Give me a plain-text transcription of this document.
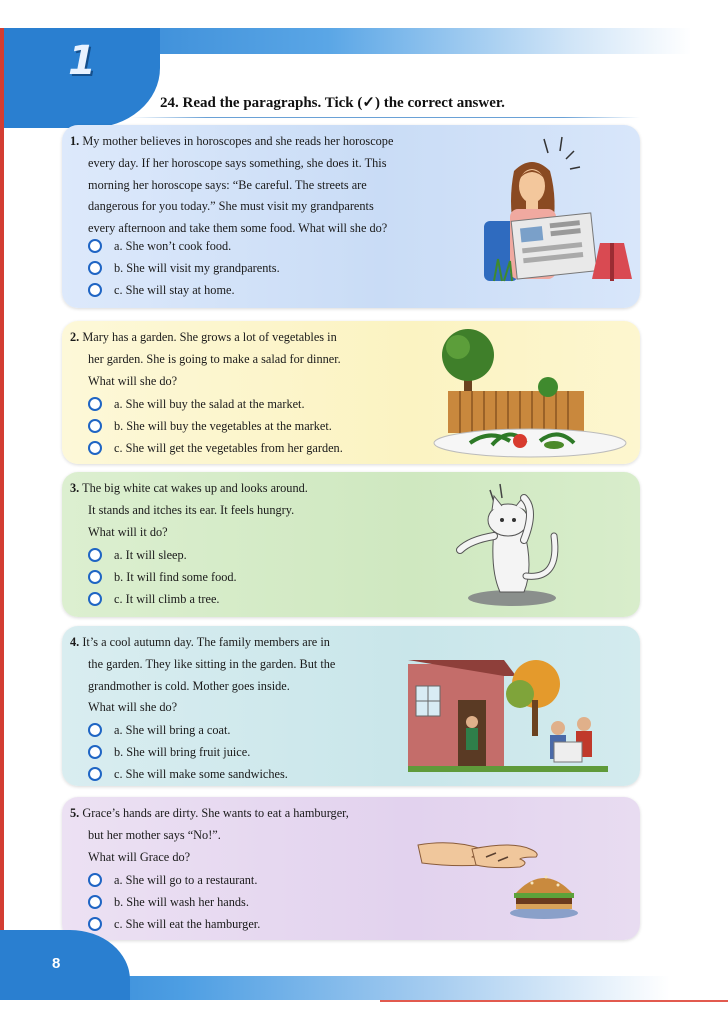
1
24. Read the paragraphs. Tick (✓) the correct answer.
1. My mother believes in horoscopes and she reads her horoscope
every day. If her horoscope says something, she does it. This
morning her horoscope says: “Be careful. The streets are
dangerous for you today.” She must visit my grandparents
every afternoon and take them some food. What will she do?
a. She won’t cook food.
b. She will visit my grandparents.
c. She will stay at home.
2. Mary has a garden. She grows a lot of vegetables in
her garden. She is going to make a salad for dinner.
What will she do?
a. She will buy the salad at the market.
b. She will buy the vegetables at the market.
c. She will get the vegetables from her garden.
3. The big white cat wakes up and looks around.
It stands and itches its ear. It feels hungry.
What will it do?
a. It will sleep.
b. It will find some food.
c. It will climb a tree.
4. It’s a cool autumn day. The family members are in
the garden. They like sitting in the garden. But the
grandmother is cold. Mother goes inside.
What will she do?
a. She will bring a coat.
b. She will bring fruit juice.
c. She will make some sandwiches.
5. Grace’s hands are dirty. She wants to eat a hamburger,
but her mother says “No!”.
What will Grace do?
a. She will go to a restaurant.
b. She will wash her hands.
c. She will eat the hamburger.
8
